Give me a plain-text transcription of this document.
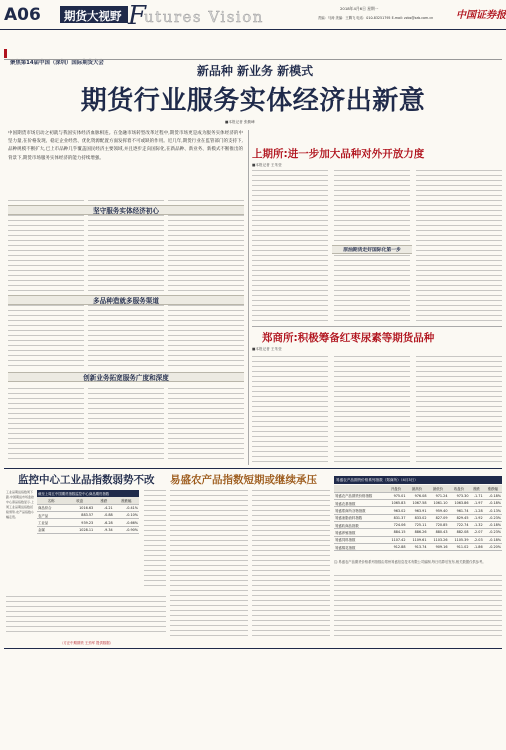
A06 期货大视野 F
utures Vision	2018年4月6日 星期一
责编：马涛 美编：王腾飞 电话：010-83251795 E-mail: zzbs@zzb.com.cn 中国证券报
聚焦第14届中国（深圳）国际期货大会
新品种 新业务 新模式
期货行业服务实体经济出新意
■本报记者 张勤峰
中国期货市场启动之初就与我国实体经济血脉相连。在金融市场转型改革过程中,期货市场更是成为服务实体经济的中坚力量,在价格发现、稳定企业经营、优化资源配置方面发挥着不可或缺的作用。近几年,期货行业在监管部门的支持下,品种规模不断扩大,已上市品种几乎覆盖国民经济主要领域,并且逐步走向国际化,在新品种、新业务、新模式不断推出的背景下,期货市场服务实体经济的能力持续增强。
坚守服务实体经济初心
多品种造就多服务渠道
创新业务拓宽服务广度和深度
上期所:进一步加大品种对外开放力度
■本报记者 王朱莹
原油期货走好国际化第一步
郑商所:积极筹备红枣尿素等期货品种
■本报记者 王朱莹
监控中心工业品指数弱势不改
工业品期货指数周下跌,中国期货市场监控中心商品指数显示,上周工业品期货指数延续弱势,农产品指数小幅走低。
截至上周五中国期货指数监控中心商品期货指数
名称	收盘	涨跌	涨跌幅
商品综合	1016.63	-4.21	-0.41%
农产品	883.57	-0.88	-0.10%
工业品	939.23	-6.28	-0.66%
金属	1028.11	-9.34	-0.90%
（方正中期期货 王劲军 提供数据）
易盛农产品指数短期或继续承压	易盛农产品期货价格系列指数（郑商所）（4月3日）
	开盘价	最高价	最低价	收盘价	涨跌	涨跌幅
易盛农产品期货价格指数	975.01	976.08	971.24	973.30	-1.71	-0.18%
易盛农基指数	1065.83	1067.58	1061.10	1063.86	-1.97	-0.18%
易盛郑商所谷物指数	963.02	963.91	959.40	961.74	-1.28	-0.13%
易盛油脂油料指数	831.37	833.02	827.09	829.45	-1.92	-0.23%
易盛软商品指数	724.06	725.11	720.85	722.74	-1.32	-0.18%
易盛养殖指数	884.15	886.26	880.43	882.08	-2.07	-0.23%
易盛饲料指数	1107.42	1109.61	1103.26	1105.39	-2.03	-0.18%
易盛棉花指数	912.88	913.74	909.16	911.02	-1.86	-0.20%
注:易盛农产品期货价格系列指数由郑州易盛信息技术有限公司编制,每日结算后发布,相关数据仅供参考。
